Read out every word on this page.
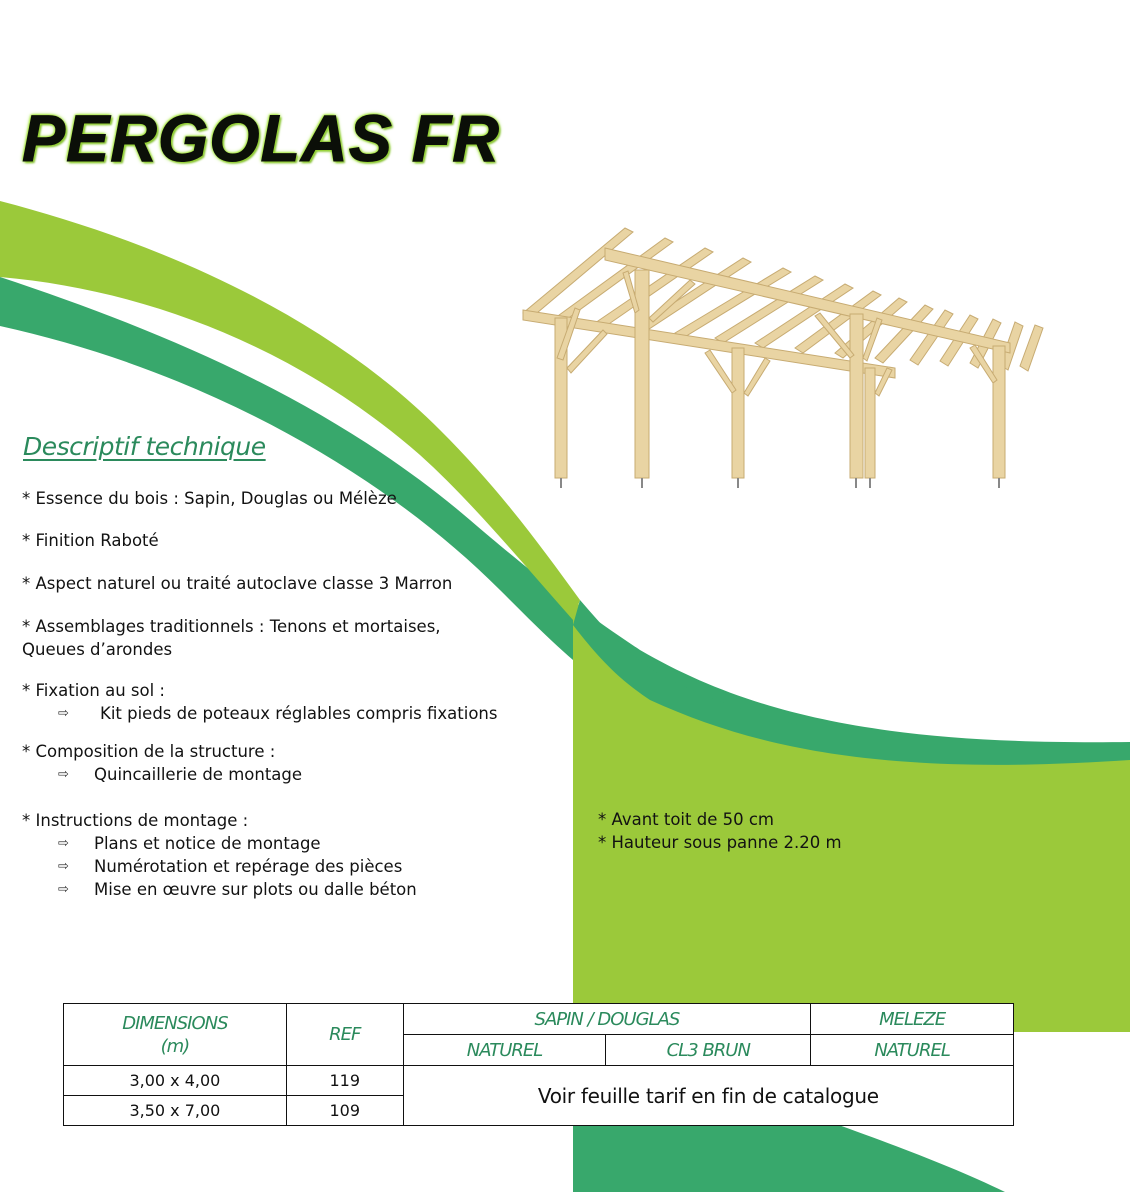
PERGOLAS FR
Descriptif technique
* Essence du bois : Sapin, Douglas ou Mélèze
* Finition Raboté
* Aspect naturel ou traité autoclave classe 3 Marron
* Assemblages traditionnels : Tenons et mortaises,
Queues d’arondes
* Fixation au sol :
⇨	Kit pieds de poteaux réglables compris fixations
* Composition de la structure :
⇨	Quincaillerie de montage
* Instructions de montage :
⇨	Plans et notice de montage
⇨	Numérotation et repérage des pièces
⇨	Mise en œuvre sur plots ou dalle béton
* Avant toit de 50 cm
* Hauteur sous panne 2.20 m
DIMENSIONS
(m)	REF	SAPIN / DOUGLAS		MELEZE
		NATUREL	CL3 BRUN	NATUREL
3,00 x 4,00	119	Voir feuille tarif en fin de catalogue		
3,50 x 7,00	109			
